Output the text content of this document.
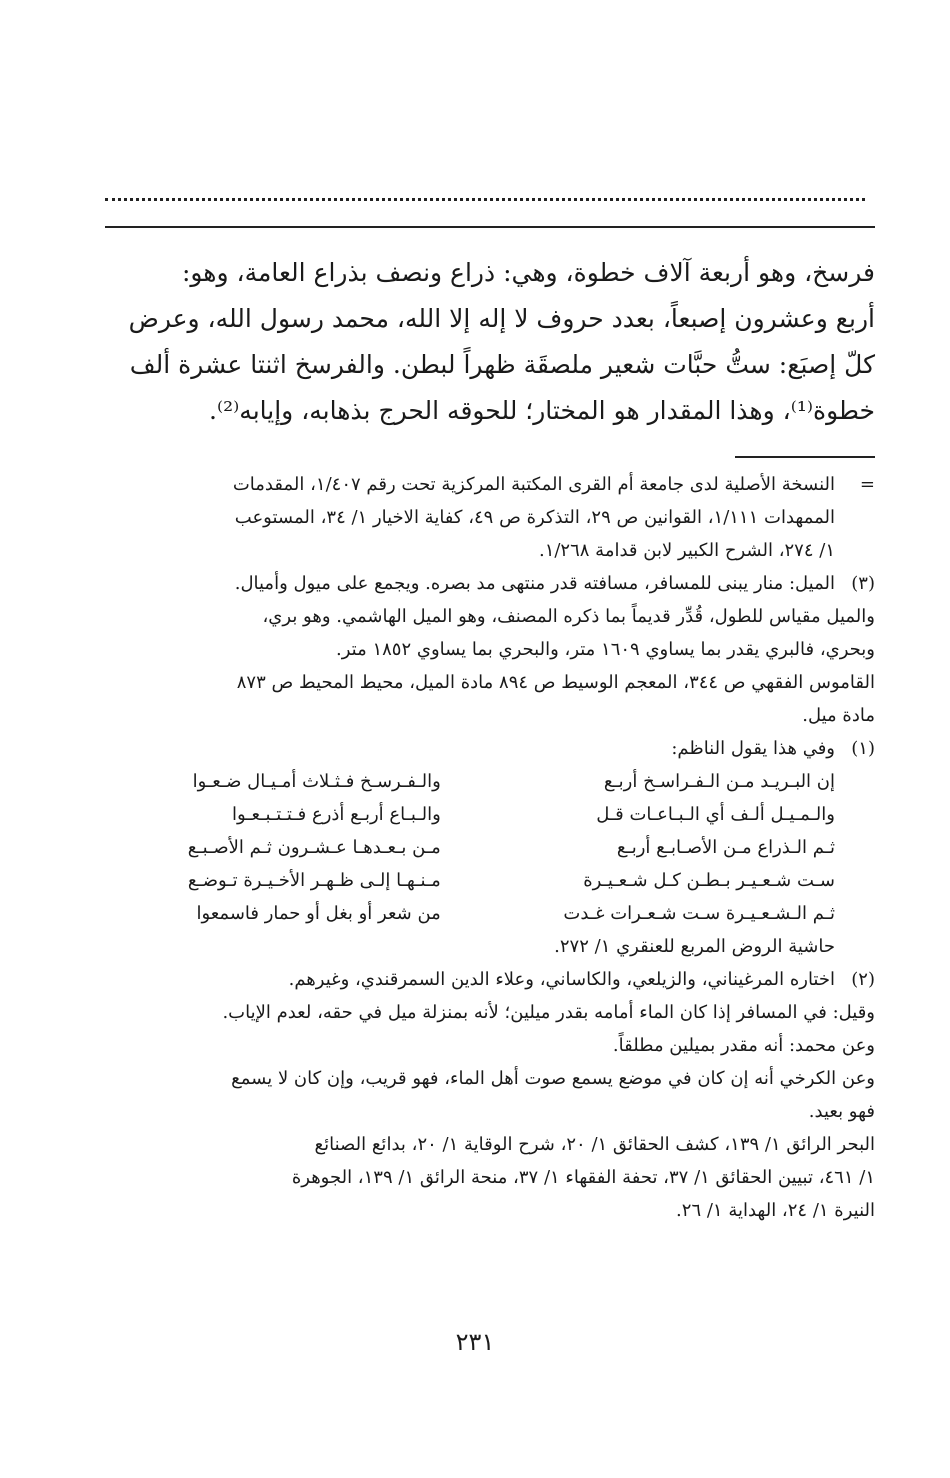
فرسخ، وهو أربعة آلاف خطوة، وهي: ذراع ونصف بذراع العامة، وهو:

أربع وعشرون إصبعاً، بعدد حروف لا إله إلا الله، محمد رسول الله، وعرض

كلّ إصبَع: ستُّ حبَّات شعير ملصقَة ظهراً لبطن. والفرسخ اثنتا عشرة ألف

خطوة⁽¹⁾، وهذا المقدار هو المختار؛ للحوقه الحرج بذهابه، وإيابه⁽²⁾.

=

النسخة الأصلية لدى جامعة أم القرى المكتبة المركزية تحت رقم ١/٤٠٧، المقدمات

الممهدات ١/١١١، القوانين ص ٢٩، التذكرة ص ٤٩، كفاية الاخيار ١/ ٣٤، المستوعب

١/ ٢٧٤، الشرح الكبير لابن قدامة ١/٢٦٨.

(٣)

الميل: منار يبنى للمسافر، مسافته قدر منتهى مد بصره. ويجمع على ميول وأميال.

والميل مقياس للطول، قُدِّر قديماً بما ذكره المصنف، وهو الميل الهاشمي. وهو بري،

وبحري، فالبري يقدر بما يساوي ١٦٠٩ متر، والبحري بما يساوي ١٨٥٢ متر.

القاموس الفقهي ص ٣٤٤، المعجم الوسيط ص ٨٩٤ مادة الميل، محيط المحيط ص ٨٧٣

مادة ميل.

(١)

وفي هذا يقول الناظم:

إن البـريـد مـن الـفـراسـخ أربـع
والـفـرسـخ فـثـلاث أمـيـال ضـعـوا
والـمـيـل ألـف أي الـبـاعـات قـل
والـبـاع أربـع أذرع فـتـتـبـعـوا
ثـم الـذراع مـن الأصـابـع أربـع
مـن بـعـدهـا عـشـرون ثـم الأصـبـع
سـت شـعـيـر بـطـن كـل شـعـيـرة
مـنـهـا إلـى ظـهـر الأخـيـرة تـوضـع
ثـم الـشـعـيـرة سـت شـعـرات غـدت
من شعر أو بغل أو حمار فاسمعوا

حاشية الروض المربع للعنقري ١/ ٢٧٢.

(٢)

اختاره المرغيناني، والزيلعي، والكاساني، وعلاء الدين السمرقندي، وغيرهم.

وقيل: في المسافر إذا كان الماء أمامه بقدر ميلين؛ لأنه بمنزلة ميل في حقه، لعدم الإياب.

وعن محمد: أنه مقدر بميلين مطلقاً.

وعن الكرخي أنه إن كان في موضع يسمع صوت أهل الماء، فهو قريب، وإن كان لا يسمع

فهو بعيد.

البحر الرائق ١/ ١٣٩، كشف الحقائق ١/ ٢٠، شرح الوقاية ١/ ٢٠، بدائع الصنائع

١/ ٤٦١، تبيين الحقائق ١/ ٣٧، تحفة الفقهاء ١/ ٣٧، منحة الرائق ١/ ١٣٩، الجوهرة

النيرة ١/ ٢٤، الهداية ١/ ٢٦.

٢٣١
